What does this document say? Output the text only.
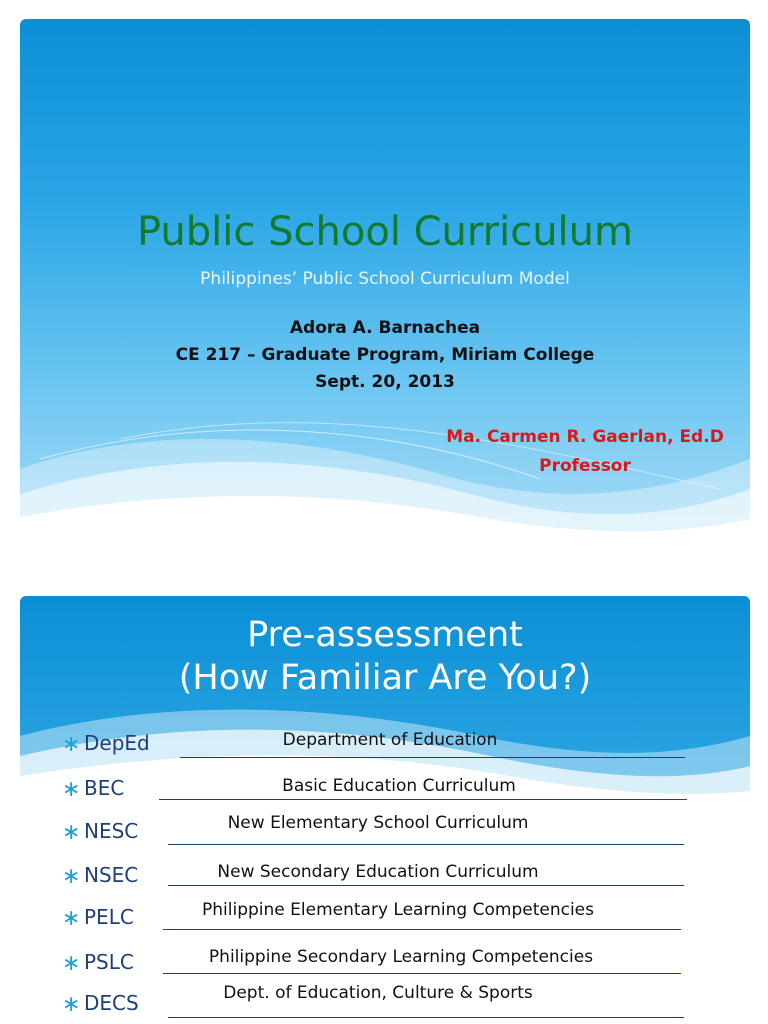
Public School Curriculum
Philippines’ Public School Curriculum Model
Adora A. Barnachea
CE 217 – Graduate Program, Miriam College
Sept. 20, 2013
Ma. Carmen R. Gaerlan, Ed.D
Professor
Pre-assessment
(How Familiar Are You?)
∗ DepEd	Department of Education
∗ BEC	Basic Education Curriculum
∗ NESC	New Elementary School Curriculum
∗ NSEC	New Secondary Education Curriculum
∗ PELC	Philippine Elementary Learning Competencies
∗ PSLC	Philippine Secondary Learning Competencies
∗ DECS	Dept. of Education, Culture & Sports
